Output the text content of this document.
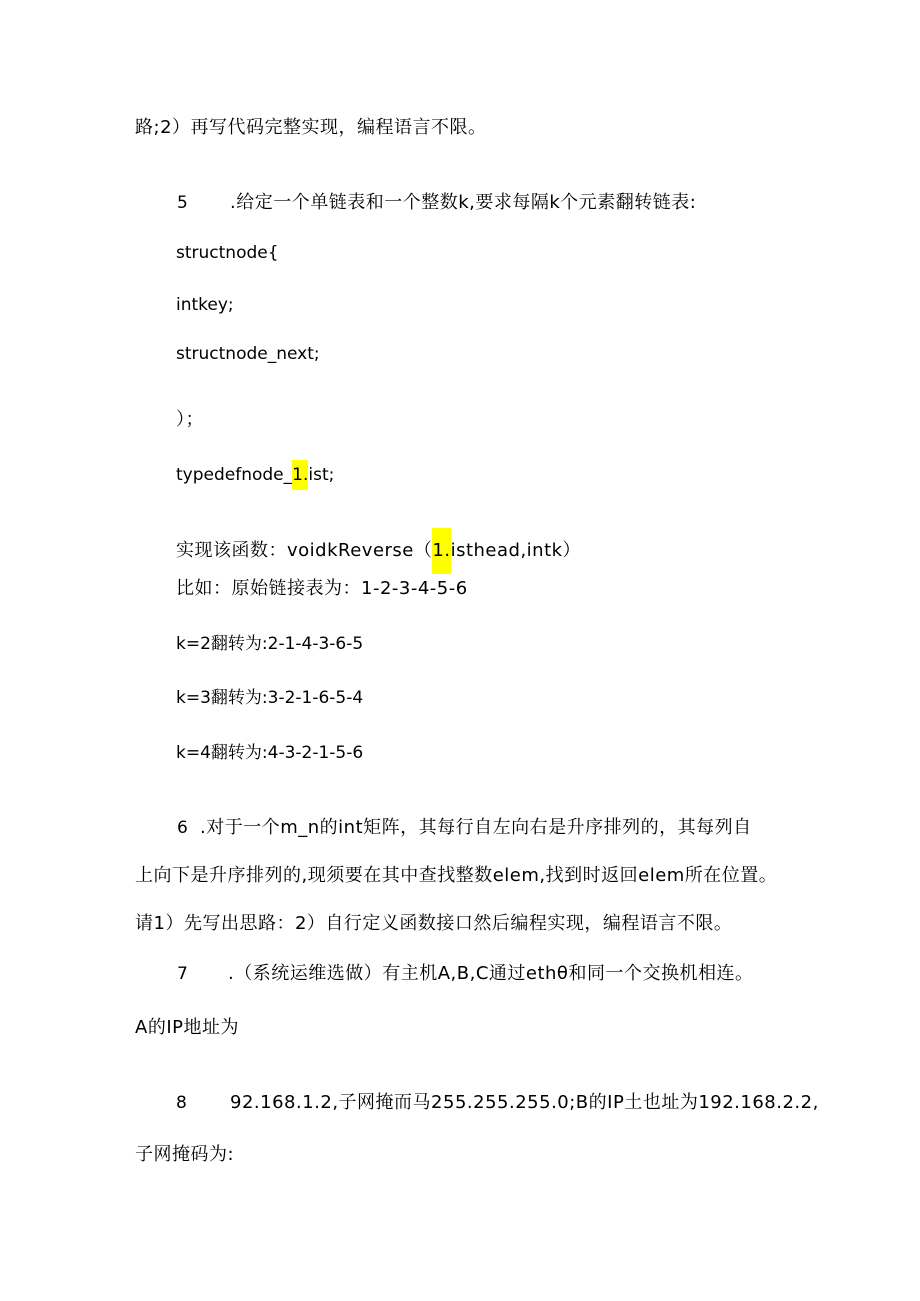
路;2）再写代码完整实现，编程语言不限。
5 .给定一个单链表和一个整数k,要求每隔k个元素翻转链表:
structnode{
intkey;
structnode_next;
）；
typedefnode_1.ist;
实现该函数：voidkReverse（1.isthead,intk）
比如：原始链接表为：1-2-3-4-5-6
k=2翻转为:2-1-4-3-6-5
k=3翻转为:3-2-1-6-5-4
k=4翻转为:4-3-2-1-5-6
6 .对于一个m_n的int矩阵，其每行自左向右是升序排列的，其每列自
上向下是升序排列的,现须要在其中查找整数elem,找到时返回elem所在位置。
请1）先写出思路：2）自行定义函数接口然后编程实现，编程语言不限。
7 .（系统运维选做）有主机A,B,C通过ethθ和同一个交换机相连。
A的IP地址为
8 92.168.1.2,子网掩而马255.255.255.0;B的IP土也址为192.168.2.2,
子网掩码为:
